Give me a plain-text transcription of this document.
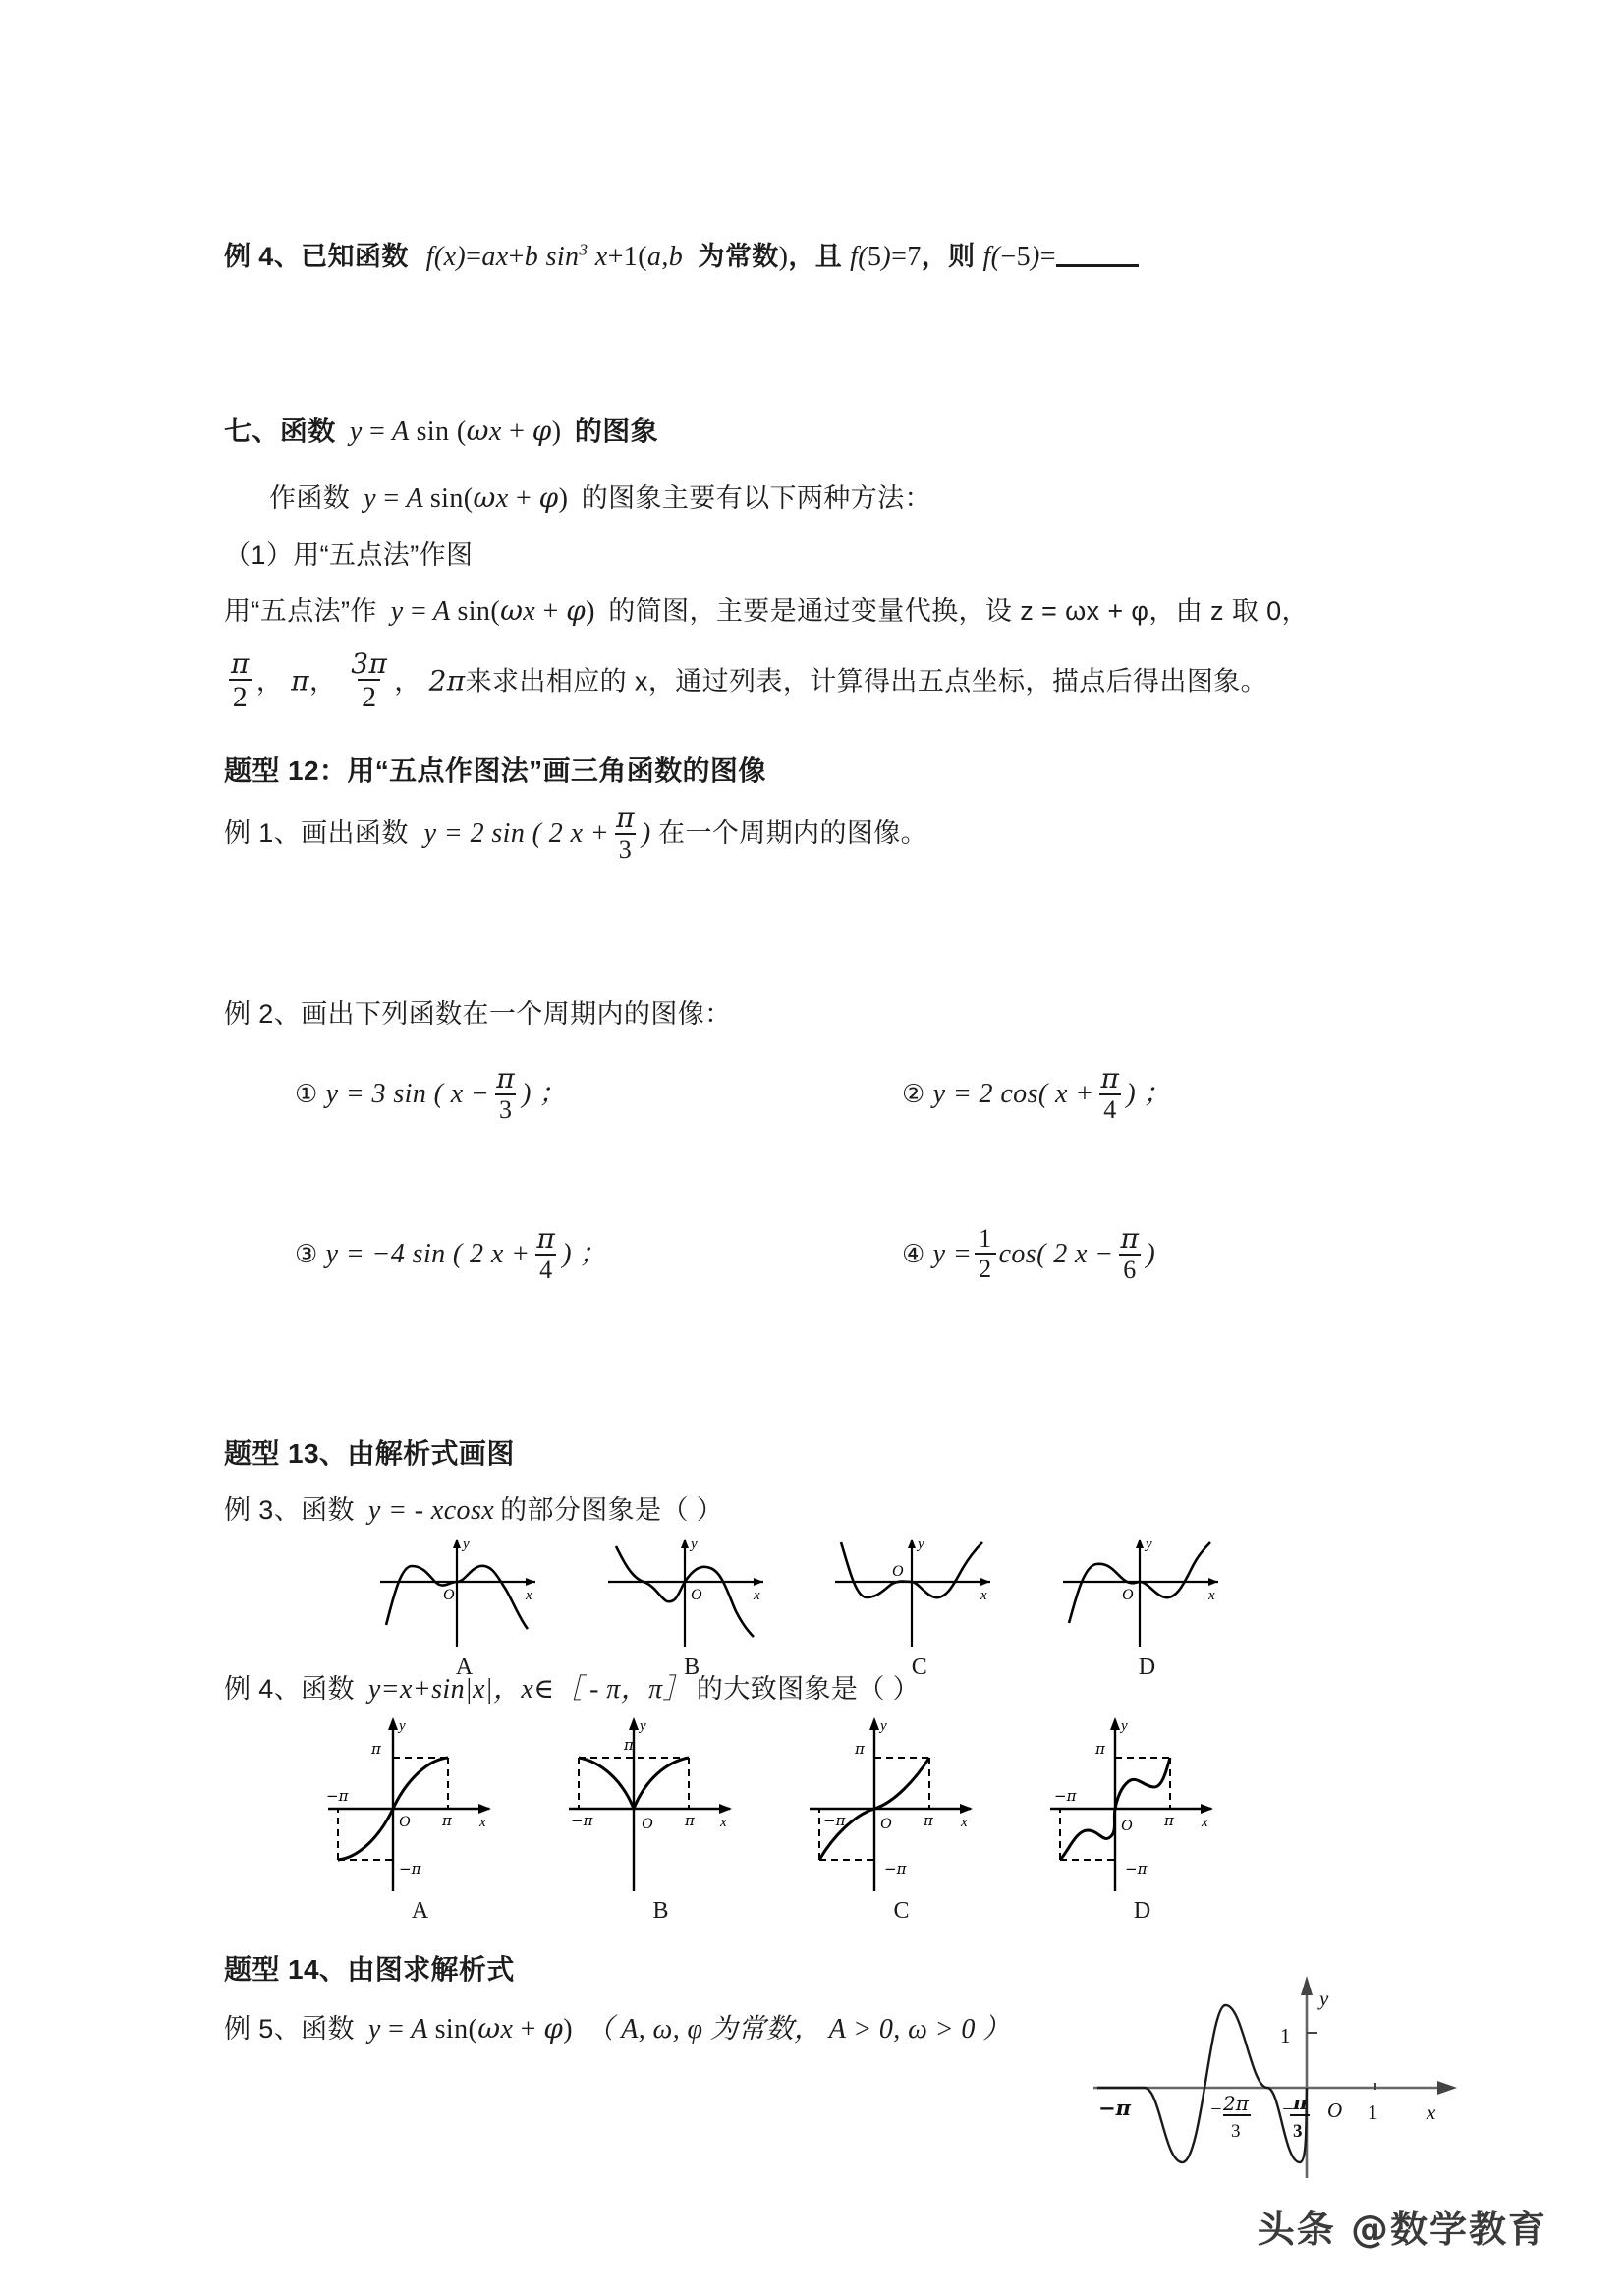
例 4、已知函数 f(x)=ax+b $\sin^3 x+1(a,b$  为常数)，且 f(5)=7，则 f(−5)=
七、函数 y = A sin (ωx + φ) 的图象
作函数 y = A sin(ωx + φ) 的图象主要有以下两种方法：
（1）用“五点法”作图
用“五点法”作 y = A sin(ωx + φ) 的简图，主要是通过变量代换，设 z = ωx + φ，由 z 取 0，
$\frac{\pi}{2}$ ， π， $\frac{3\pi}{2}$ ， 2π来求出相应的 x，通过列表，计算得出五点坐标，描点后得出图象。
题型 12：用“五点作图法”画三角函数的图像
例 1、画出函数 y = 2 sin ( 2 $x + \frac{\pi}{3}$ ) 在一个周期内的图像。
例 2、画出下列函数在一个周期内的图像：
① y = 3 sin ( $x - \frac{\pi}{3}$ ) ；	② y = 2 cos( $x + \frac{\pi}{4}$ ) ；
③ y = −4 sin ( 2 $x + \frac{\pi}{4}$ ) ；	④ $y = \frac{1}{2} \cos$( 2 $x - \frac{\pi}{6}$ )
题型 13、由解析式画图
例 3、函数 y = - xcosx 的部分图象是（ ）
O
y
x
A
O
y
x
B
O
y
x
C
O
y
x
D
例 4、函数 y=x+sin|x|，x∈［ - π，π］ 的大致图象是（ ）
−π
π
π
−π
O
y
x
A
−π
π
π
O
y
x
B
−π
π
π
−π
O
y
x
C
−π
π
π
−π
O
y
x
D
题型 14、由图求解析式
例 5、函数 y = A sin(ωx + φ) （ A, ω, φ 为常数， A > 0, ω > 0 ）
−π	−
− 2π
3
π
3
O 1
1
y
x
头条 @数学教育
